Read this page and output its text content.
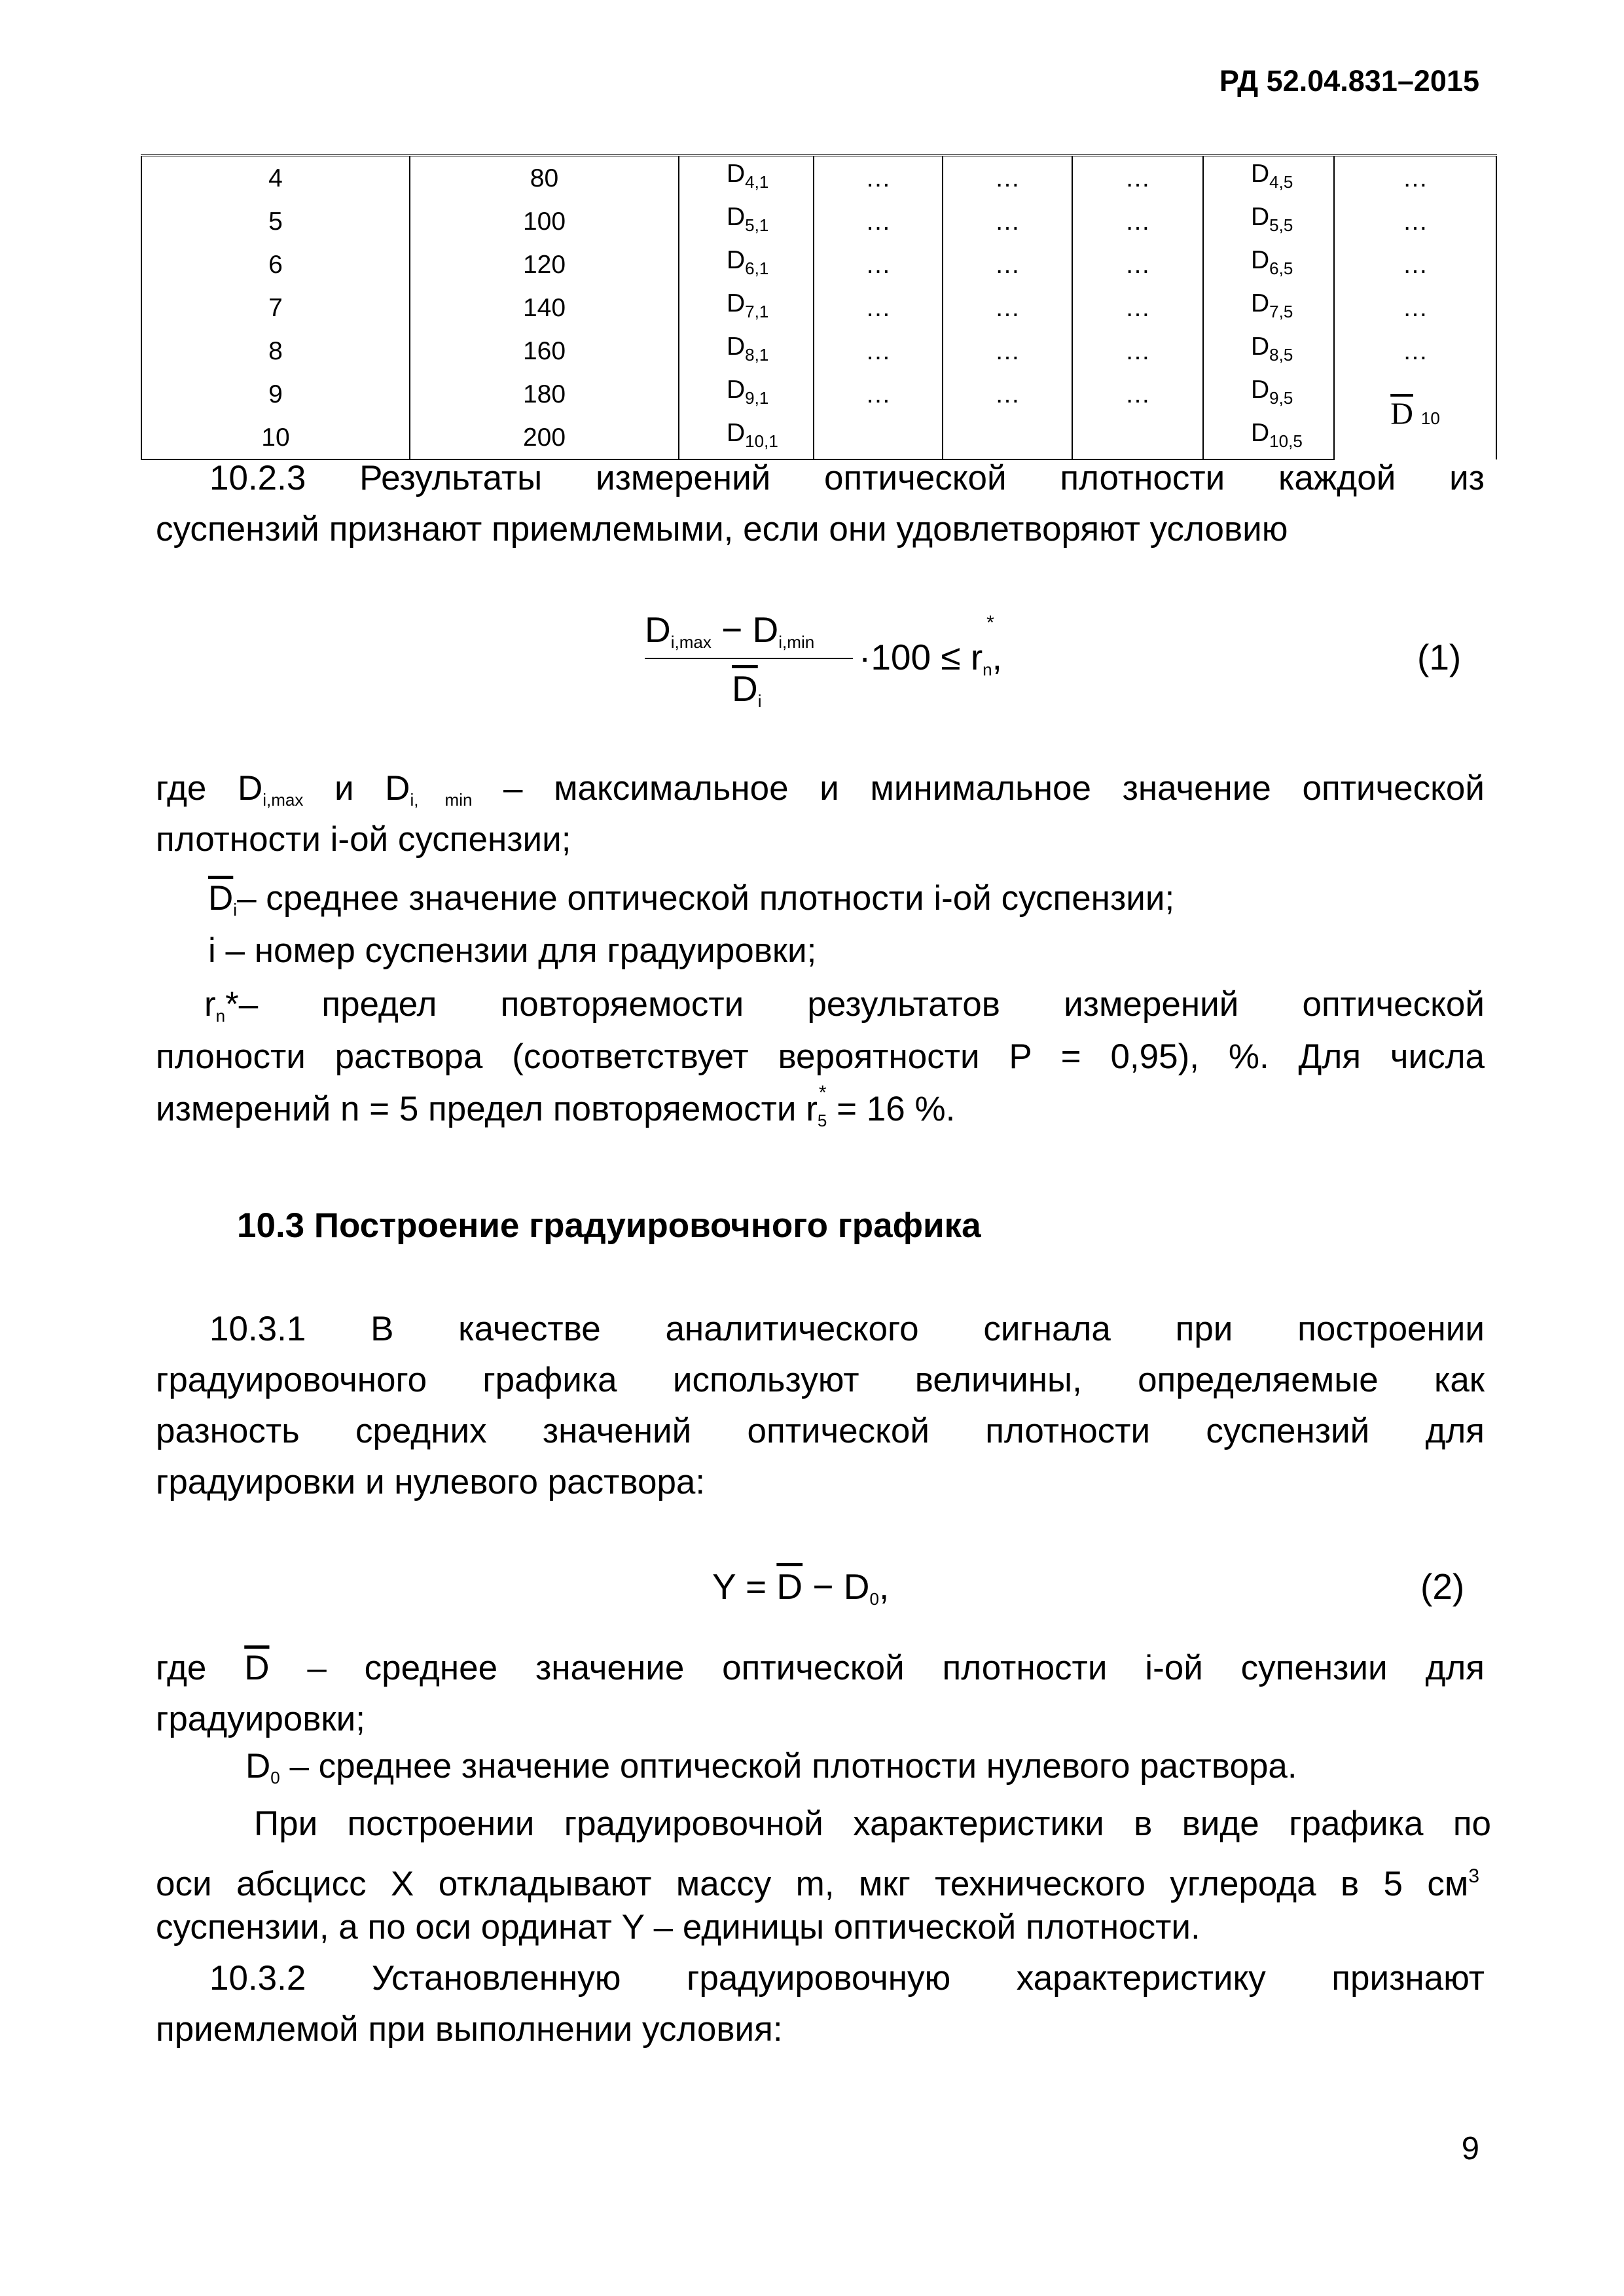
РД 52.04.831–2015
4	80	$D_{4,1}$	…	…	…	$D_{4,5}$	…
5	100	$D_{5,1}$	…	…	…	$D_{5,5}$	…
6	120	$D_{6,1}$	…	…	…	$D_{6,5}$	…
7	140	$D_{7,1}$	…	…	…	$D_{7,5}$	…
8	160	$D_{8,1}$	…	…	…	$D_{8,5}$	…
9	180	$D_{9,1}$	…	…	…	$D_{9,5}$	$\overline{D}$ 10
10	200	$D_{10,1}$				$D_{10,5}$
10.2.3 Результаты измерений оптической плотности каждой из
суспензий признают приемлемыми, если они удовлетворяют условию
$D_{i,max} - D_{i,min}$
$\overline{D}_i$
·100 ≤ r
*
$_n$,	(1)
где $D_{i,max}$ и $D_{i, min}$ – максимальное и минимальное значение оптической
плотности i-ой суспензии;
$\overline{D}_i-$ среднее значение оптической плотности i-ой суспензии;
i – номер суспензии для градуировки;
$r_n*-$ предел повторяемости результатов измерений оптической
плоности раствора (соответствует вероятности P = 0,95), %. Для числа
измерений n = 5 предел повторяемости r *
$_5$ = 16 %.
10.3 Построение градуировочного графика
10.3.1 В качестве аналитического сигнала при построении
градуировочного графика используют величины, определяемые как
разность средних значений оптической плотности суспензий для
градуировки и нулевого раствора:
$Y = \overline{D} - D_0$,	(2)
где $\overline{D}$ – среднее значение оптической плотности i-ой супензии для
градуировки;
$D_0$ – среднее значение оптической плотности нулевого раствора.
При построении градуировочной характеристики в виде графика по
оси абсцисс X откладывают массу m, мкг технического углерода в 5 $см^3$
суспензии, а по оси ординат Y – единицы оптической плотности.
10.3.2 Установленную градуировочную характеристику признают
приемлемой при выполнении условия:
9
